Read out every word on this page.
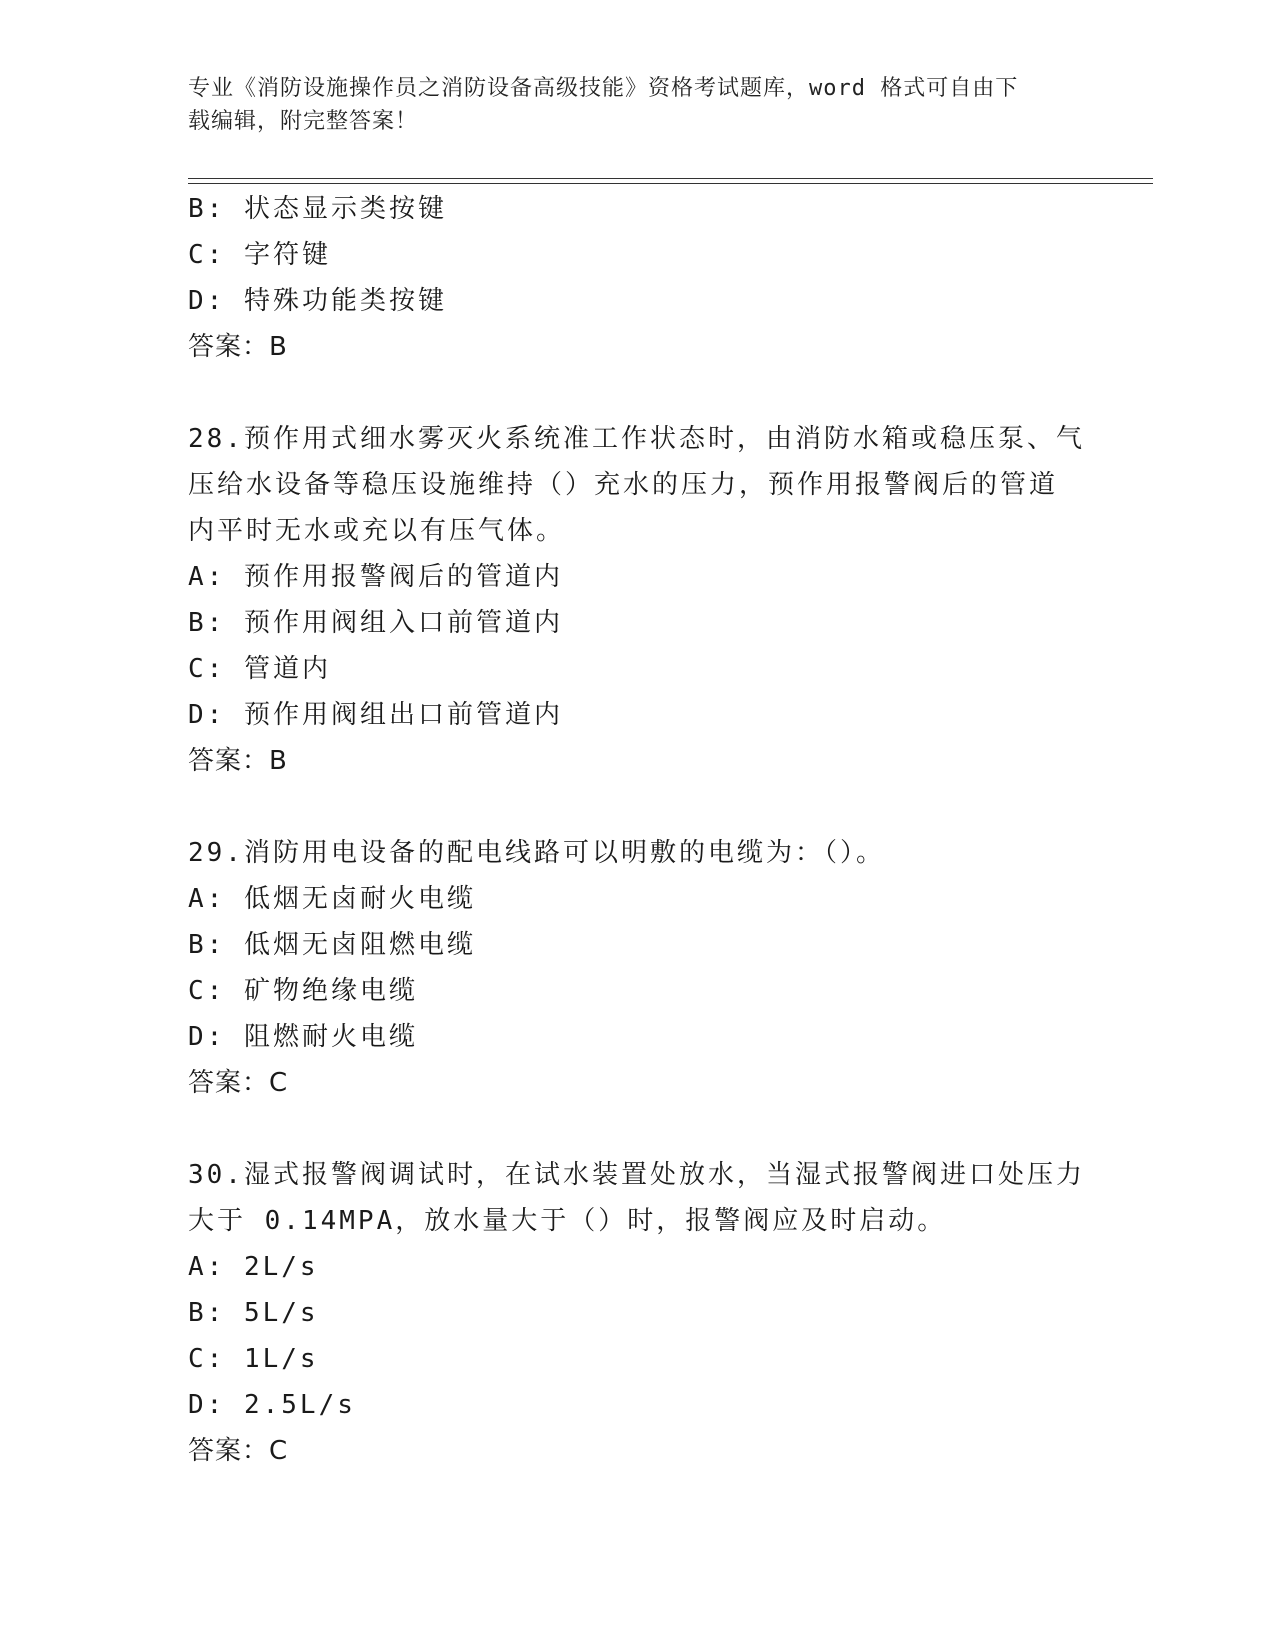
专业《消防设施操作员之消防设备高级技能》资格考试题库，word 格式可自由下
载编辑，附完整答案！
B: 状态显示类按键
C: 字符键
D: 特殊功能类按键
答案：B
28.预作用式细水雾灭火系统准工作状态时，由消防水箱或稳压泵、气
压给水设备等稳压设施维持（）充水的压力，预作用报警阀后的管道
内平时无水或充以有压气体。
A: 预作用报警阀后的管道内
B: 预作用阀组入口前管道内
C: 管道内
D: 预作用阀组出口前管道内
答案：B
29.消防用电设备的配电线路可以明敷的电缆为：（）。
A: 低烟无卤耐火电缆
B: 低烟无卤阻燃电缆
C: 矿物绝缘电缆
D: 阻燃耐火电缆
答案：C
30.湿式报警阀调试时，在试水装置处放水，当湿式报警阀进口处压力
大于 0.14MPA，放水量大于（）时，报警阀应及时启动。
A: 2L/s
B: 5L/s
C: 1L/s
D: 2.5L/s
答案：C
